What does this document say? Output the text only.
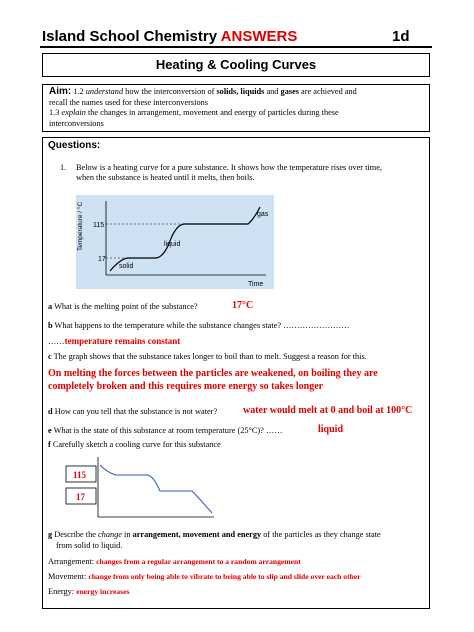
Island School Chemistry ANSWERS	1d
Heating & Cooling Curves
Aim: 1.2 understand how the interconversion of solids, liquids and gases are achieved and
recall the names used for these interconversions
1.3 explain the changes in arrangement, movement and energy of particles during these
interconversions
Questions:
1. Below is a heating curve for a pure substance. It shows how the temperature rises over time,
when the substance is heated until it melts, then boils.
Temperature / °C 115
17
solid
liquid
gas
Time
a What is the melting point of the substance?	17°C
b What happens to the temperature while the substance changes state? ……………………
……temperature remains constant
c The graph shows that the substance takes longer to boil than to melt. Suggest a reason for this.
On melting the forces between the particles are weakened, on boiling they are
completely broken and this requires more energy so takes longer
d How can you tell that the substance is not water?	water would melt at 0 and boil at 100°C
e What is the state of this substance at room temperature (25°C)? ……	liquid
f Carefully sketch a cooling curve for this substance
115
17
g Describe the change in arrangement, movement and energy of the particles as they change state
from solid to liquid.
Arrangement: changes from a regular arrangement to a random arrangement
Movement: change from only being able to vibrate to being able to slip and slide over each other
Energy: energy increases
